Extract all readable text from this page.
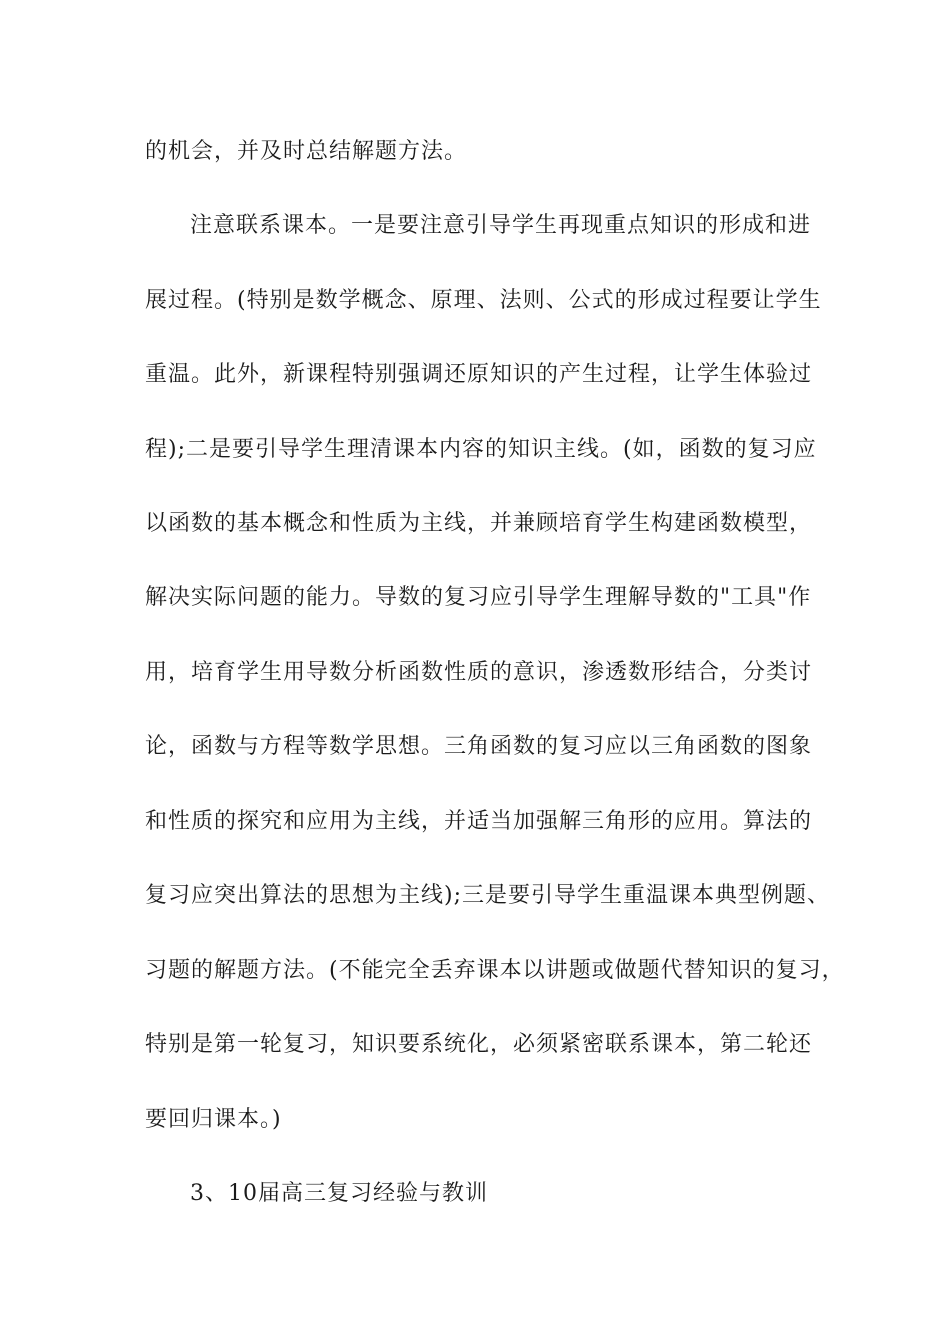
的机会，并及时总结解题方法。
注意联系课本。一是要注意引导学生再现重点知识的形成和进
展过程。(特别是数学概念、原理、法则、公式的形成过程要让学生
重温。此外，新课程特别强调还原知识的产生过程，让学生体验过
程);二是要引导学生理清课本内容的知识主线。(如，函数的复习应
以函数的基本概念和性质为主线，并兼顾培育学生构建函数模型，
解决实际问题的能力。导数的复习应引导学生理解导数的"工具"作
用，培育学生用导数分析函数性质的意识，渗透数形结合，分类讨
论，函数与方程等数学思想。三角函数的复习应以三角函数的图象
和性质的探究和应用为主线，并适当加强解三角形的应用。算法的
复习应突出算法的思想为主线);三是要引导学生重温课本典型例题、
习题的解题方法。(不能完全丢弃课本以讲题或做题代替知识的复习，
特别是第一轮复习，知识要系统化，必须紧密联系课本，第二轮还
要回归课本。)
3、10届高三复习经验与教训
